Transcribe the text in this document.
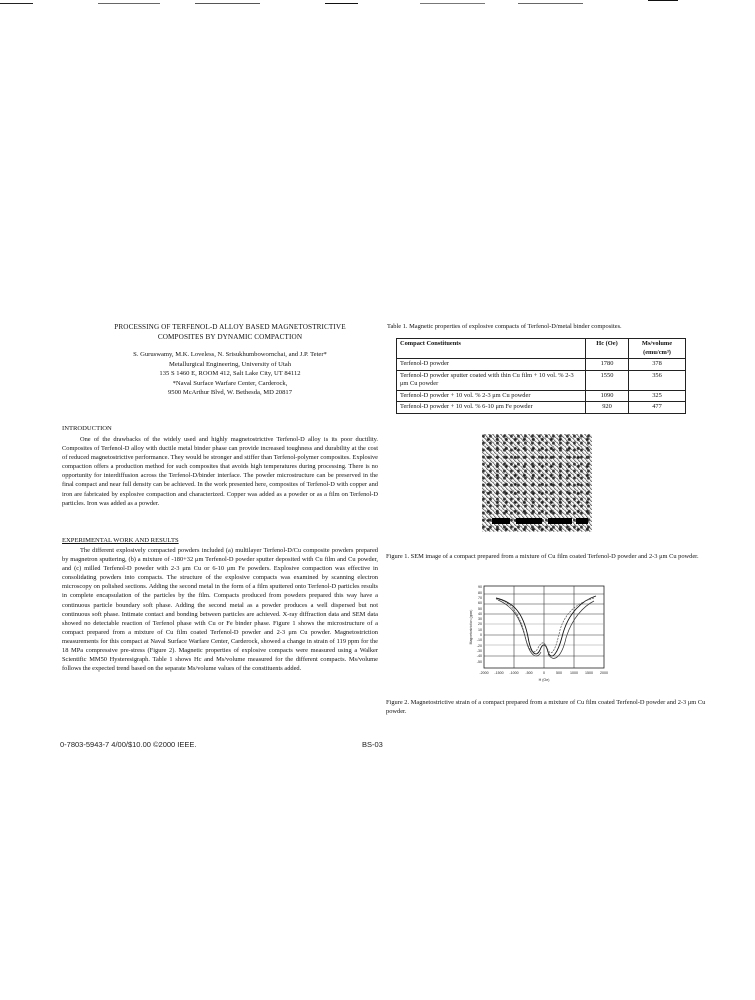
PROCESSING OF TERFENOL-D ALLOY BASED MAGNETOSTRICTIVE
COMPOSITES BY DYNAMIC COMPACTION
S. Guruswamy, M.K. Loveless, N. Srisukhumbowornchai, and J.P. Teter*
Metallurgical Engineering, University of Utah
135 S 1460 E, ROOM 412, Salt Lake City, UT 84112
*Naval Surface Warfare Center, Carderock,
9500 McArthur Blvd, W. Bethesda, MD 20817
INTRODUCTION
One of the drawbacks of the widely used and highly magnetostrictive Terfenol-D alloy is its poor ductility. Composites of Terfenol-D alloy with ductile metal binder phase can provide increased toughness and durability at the cost of reduced magnetostrictive performance. They would be stronger and stiffer than Terfenol-polymer composites. Explosive compaction offers a production method for such composites that avoids high temperatures during processing. There is no opportunity for interdiffusion across the Terfenol-D/binder interface. The powder microstructure can be preserved in the final compact and near full density can be achieved. In the work presented here, composites of Terfenol-D with copper and iron are fabricated by explosive compaction and characterized. Copper was added as a powder or as a film on Terfenol-D particles. Iron was added as a powder.
EXPERIMENTAL WORK AND RESULTS
The different explosively compacted powders included (a) multilayer Terfenol-D/Cu composite powders prepared by magnetron sputtering, (b) a mixture of -180+32 μm Terfenol-D powder sputter deposited with Cu film and Cu powder, and (c) milled Terfenol-D powder with 2-3 μm Cu or 6-10 μm Fe powders. Explosive compaction was effective in consolidating powders into compacts. The structure of the explosive compacts was examined by scanning electron microscopy on polished sections. Adding the second metal in the form of a film sputtered onto Terfenol-D particles results in complete encapsulation of the particles by the film. Compacts produced from powders prepared this way have a continuous particle boundary soft phase. Adding the second metal as a powder produces a well dispersed but not continuous soft phase. Intimate contact and bonding between particles are achieved. X-ray diffraction data and SEM data showed no detectable reaction of Terfenol phase with Cu or Fe binder phase. Figure 1 shows the microstructure of a compact prepared from a mixture of Cu film coated Terfenol-D powder and 2-3 μm Cu powder. Magnetostriction measurements for this compact at Naval Surface Warfare Center, Carderock, showed a change in strain of 119 ppm for the 18 MPa compressive pre-stress (Figure 2). Magnetic properties of explosive compacts were measured using a Walker Scientific MM50 Hysteresigraph. Table 1 shows Hc and Ms/volume measured for the different compacts. Ms/volume follows the expected trend based on the separate Ms/volume values of the constituents added.
0-7803-5943-7 4/00/$10.00 ©2000 IEEE.	BS-03
Table 1. Magnetic properties of explosive compacts of Terfenol-D/metal binder composites.
Compact Constituents	Hc (Oe)	Ms/volume (emu/cm³)
Terfenol-D powder	1780	378
Terfenol-D powder sputter coated with thin Cu film + 10 vol. % 2-3 μm Cu powder	1550	356
Terfenol-D powder + 10 vol. % 2-3 μm Cu powder	1090	325
Terfenol-D powder + 10 vol. % 6-10 μm Fe powder	920	477
Figure 1. SEM image of a compact prepared from a mixture of Cu film coated Terfenol-D powder and 2-3 μm Cu powder.
90
80
70
60
50
40
30
20
10
0
-10
-20
-30
-40
-50
-2000 -1500 -1000 -500	0	500 1000 1500 2000
H (Oe)
Magnetostriction (ppm)
Figure 2. Magnetostrictive strain of a compact prepared from a mixture of Cu film coated Terfenol-D powder and 2-3 μm Cu powder.
